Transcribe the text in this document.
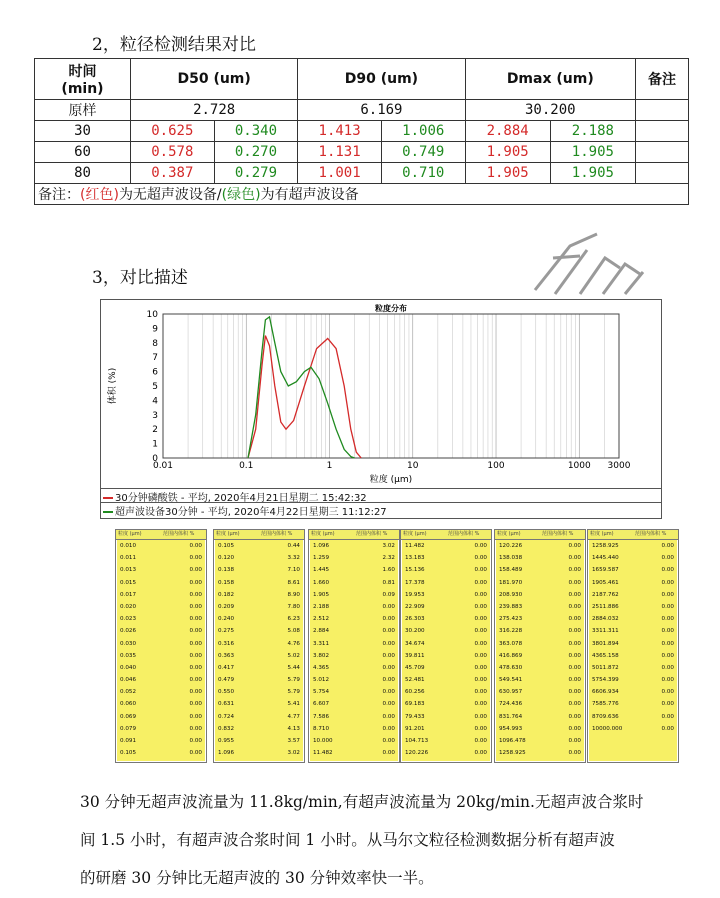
2，粒径检测结果对比
时间
(min)	D50 (um)		D90 (um)		Dmax (um)		备注
原样	2.728		6.169		30.200		
30	0.625	0.340	1.413	1.006	2.884	2.188	
60	0.578	0.270	1.131	0.749	1.905	1.905	
80	0.387	0.279	1.001	0.710	1.905	1.905	
备注：(红色)为无超声波设备/(绿色)为有超声波设备							
3，对比描述
粒度分布
0
1
2
3
4
5
6
7
8
9
10
0.01	0.1	1	10	100	1000 3000
粒度 (μm)
体积 (%)
30分钟磷酸铁 - 平均, 2020年4月21日星期二 15:42:32
超声波设备30分钟 - 平均, 2020年4月22日星期三 11:12:27
粒度 (μm)	范围内体积 %
0.010	0.00
0.011	0.00
0.013	0.00
0.015	0.00
0.017	0.00
0.020	0.00
0.023	0.00
0.026	0.00
0.030	0.00
0.035	0.00
0.040	0.00
0.046	0.00
0.052	0.00
0.060	0.00
0.069	0.00
0.079	0.00
0.091	0.00
0.105	0.00
粒度 (μm)	范围内体积 %
0.105	0.44
0.120	3.32
0.138	7.10
0.158	8.61
0.182	8.90
0.209	7.80
0.240	6.23
0.275	5.08
0.316	4.76
0.363	5.02
0.417	5.44
0.479	5.79
0.550	5.79
0.631	5.41
0.724	4.77
0.832	4.13
0.955	3.57
1.096	3.02
粒度 (μm)	范围内体积 %
1.096	3.02
1.259	2.32
1.445	1.60
1.660	0.81
1.905	0.09
2.188	0.00
2.512	0.00
2.884	0.00
3.311	0.00
3.802	0.00
4.365	0.00
5.012	0.00
5.754	0.00
6.607	0.00
7.586	0.00
8.710	0.00
10.000	0.00
11.482	0.00
粒度 (μm)	范围内体积 %
11.482	0.00
13.183	0.00
15.136	0.00
17.378	0.00
19.953	0.00
22.909	0.00
26.303	0.00
30.200	0.00
34.674	0.00
39.811	0.00
45.709	0.00
52.481	0.00
60.256	0.00
69.183	0.00
79.433	0.00
91.201	0.00
104.713	0.00
120.226	0.00
粒度 (μm)	范围内体积 %
120.226	0.00
138.038	0.00
158.489	0.00
181.970	0.00
208.930	0.00
239.883	0.00
275.423	0.00
316.228	0.00
363.078	0.00
416.869	0.00
478.630	0.00
549.541	0.00
630.957	0.00
724.436	0.00
831.764	0.00
954.993	0.00
1096.478	0.00
1258.925	0.00
粒度 (μm)	范围内体积 %
1258.925	0.00
1445.440	0.00
1659.587	0.00
1905.461	0.00
2187.762	0.00
2511.886	0.00
2884.032	0.00
3311.311	0.00
3801.894	0.00
4365.158	0.00
5011.872	0.00
5754.399	0.00
6606.934	0.00
7585.776	0.00
8709.636	0.00
10000.000	0.00
30 分钟无超声波流量为 11.8kg/min,有超声波流量为 20kg/min.无超声波合浆时
间 1.5 小时，有超声波合浆时间 1 小时。从马尔文粒径检测数据分析有超声波
的研磨 30 分钟比无超声波的 30 分钟效率快一半。
